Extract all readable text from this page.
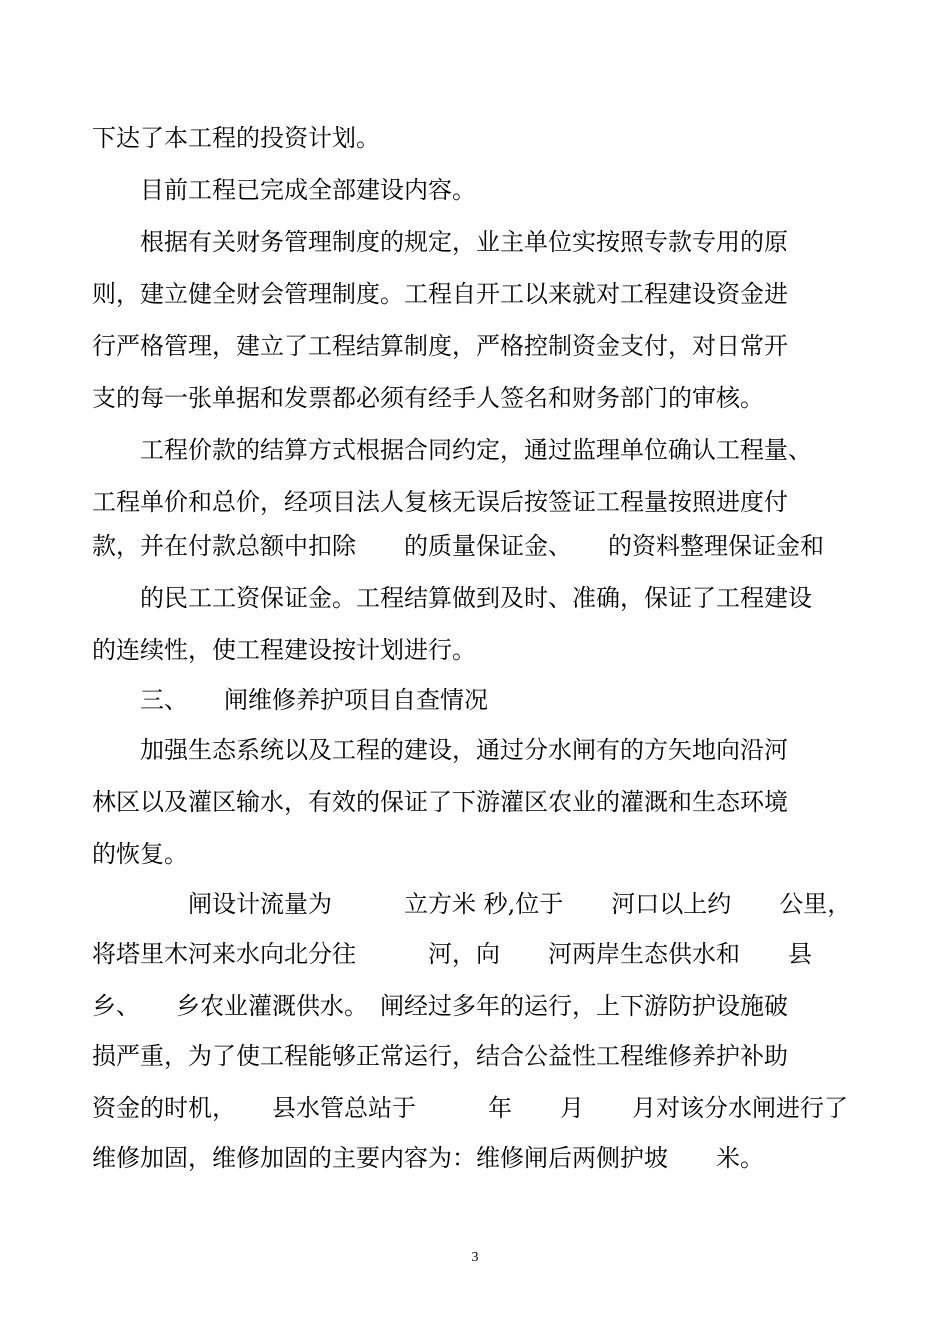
下达了本工程的投资计划。
　　目前工程已完成全部建设内容。
　　根据有关财务管理制度的规定，业主单位实按照专款专用的原
则，建立健全财会管理制度。工程自开工以来就对工程建设资金进
行严格管理，建立了工程结算制度，严格控制资金支付，对日常开
支的每一张单据和发票都必须有经手人签名和财务部门的审核。
　　工程价款的结算方式根据合同约定，通过监理单位确认工程量、
工程单价和总价，经项目法人复核无误后按签证工程量按照进度付
款，并在付款总额中扣除　　的质量保证金、　　的资料整理保证金和
　　的民工工资保证金。工程结算做到及时、准确，保证了工程建设
的连续性，使工程建设按计划进行。
　　三、　　闸维修养护项目自查情况
　　加强生态系统以及工程的建设，通过分水闸有的方矢地向沿河
林区以及灌区输水，有效的保证了下游灌区农业的灌溉和生态环境
的恢复。
　　　　闸设计流量为　　　立方米 秒,位于　　河口以上约　　公里，
将塔里木河来水向北分往　　　河，向　　河两岸生态供水和　　县
乡、　　乡农业灌溉供水。　闸经过多年的运行，上下游防护设施破
损严重，为了使工程能够正常运行，结合公益性工程维修养护补助
资金的时机，　　县水管总站于　　　年　　月　　月对该分水闸进行了
维修加固，维修加固的主要内容为：维修闸后两侧护坡　　米。
3
